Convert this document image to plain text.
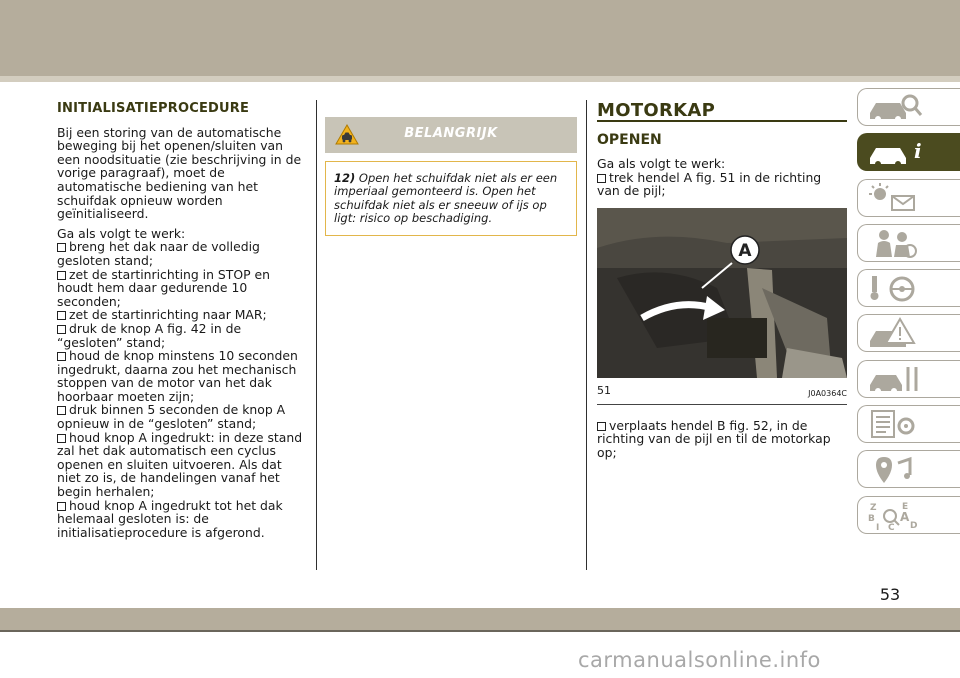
INITIALISATIEPROCEDURE

Bij een storing van de automatische beweging bij het openen/sluiten van een noodsituatie (zie beschrijving in de vorige paragraaf), moet de automatische bediening van het schuifdak opnieuw worden geïnitialiseerd.

Ga als volgt te werk:
breng het dak naar de volledig gesloten stand;
zet de startinrichting in STOP en houdt hem daar gedurende 10 seconden;
zet de startinrichting naar MAR;
druk de knop A fig. 42 in de “gesloten” stand;
houd de knop minstens 10 seconden ingedrukt, daarna zou het mechanisch stoppen van de motor van het dak hoorbaar moeten zijn;
druk binnen 5 seconden de knop A opnieuw in de “gesloten” stand;
houd knop A ingedrukt: in deze stand zal het dak automatisch een cyclus openen en sluiten uitvoeren. Als dat niet zo is, de handelingen vanaf het begin herhalen;
houd knop A ingedrukt tot het dak helemaal gesloten is: de initialisatieprocedure is afgerond.
BELANGRIJK
12) Open het schuifdak niet als er een imperiaal gemonteerd is. Open het schuifdak niet als er sneeuw of ijs op ligt: risico op beschadiging.
MOTORKAP
OPENEN
Ga als volgt te werk:
trek hendel A fig. 51 in de richting van de pijl;
A
51	J0A0364C
verplaats hendel B fig. 52, in de richting van de pijl en til de motorkap op;
i
Z	E
B
I C
A
D
53
carmanualsonline.info
